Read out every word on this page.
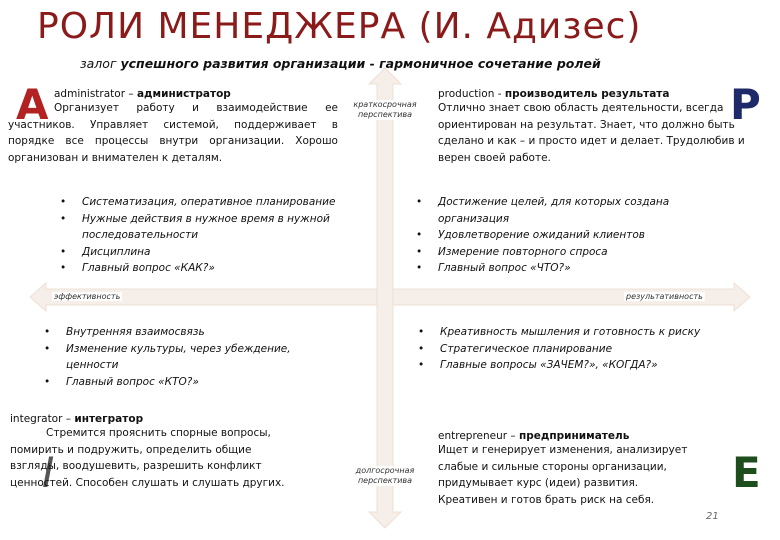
РОЛИ МЕНЕДЖЕРА (И. Адизес)
залог успешного развития организации - гармоничное сочетание ролей
краткосрочная
перспектива
долгосрочная
перспектива
эффективность	результативность
A	P
I	E
administrator – администратор
Организует работу и взаимодействие ее участников. Управляет системой, поддерживает в порядке все процессы внутри организации. Хорошо организован и внимателен к деталям.
• Систематизация, оперативное планирование
• Нужные действия в нужное время в нужной последовательности
• Дисциплина
• Главный вопрос «КАК?»
production - производитель результата
Отлично знает свою область деятельности, всегда ориентирован на результат. Знает, что должно быть сделано и как – и просто идет и делает. Трудолюбив и верен своей работе.
• Достижение целей, для которых создана организация
• Удовлетворение ожиданий клиентов
• Измерение повторного спроса
• Главный вопрос «ЧТО?»
• Внутренняя взаимосвязь
• Изменение культуры, через убеждение, ценности
• Главный вопрос «КТО?»
integrator – интегратор
Стремится прояснить спорные вопросы,
помирить и подружить, определить общие
взгляды, воодушевить, разрешить конфликт
ценностей. Способен слушать и слушать других.
• Креативность мышления и готовность к риску
• Стратегическое планирование
• Главные вопросы «ЗАЧЕМ?», «КОГДА?»
entrepreneur – предприниматель
Ищет и генерирует изменения, анализирует
слабые и сильные стороны организации,
придумывает курс (идеи) развития.
Креативен и готов брать риск на себя.
21
